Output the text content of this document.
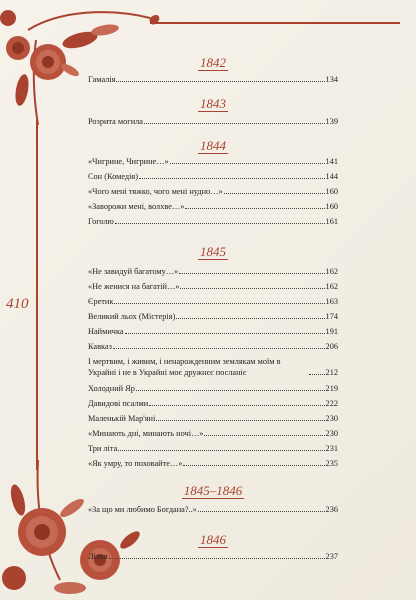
410
1842
Гамалія	134
1843
Розрита могила	139
1844
«Чигрине, Чигрине…»	141
Сон (Комедія)	144
«Чого мені тяжко, чого мені нудно…»	160
«Заворожи мені, волхве…»	160
Гоголю	161
1845
«Не завидуй багатому…»	162
«Не женися на багатій…»	162
Єретик	163
Великий льох (Містерія)	174
Наймичка	191
Кавказ	206
І мертвим, і живим, і ненарожденним землякам моїм в Украйні і не в Украйні моє дружнєє посланіє	212
Холодний Яр	219
Давидові псалми	222
Маленькій Мар'яні	230
«Минають дні, минають ночі…»	230
Три літа	231
«Як умру, то поховайте…»	235
1845–1846
«За що ми любимо Богдана?..»	236
1846
Лілея	237
